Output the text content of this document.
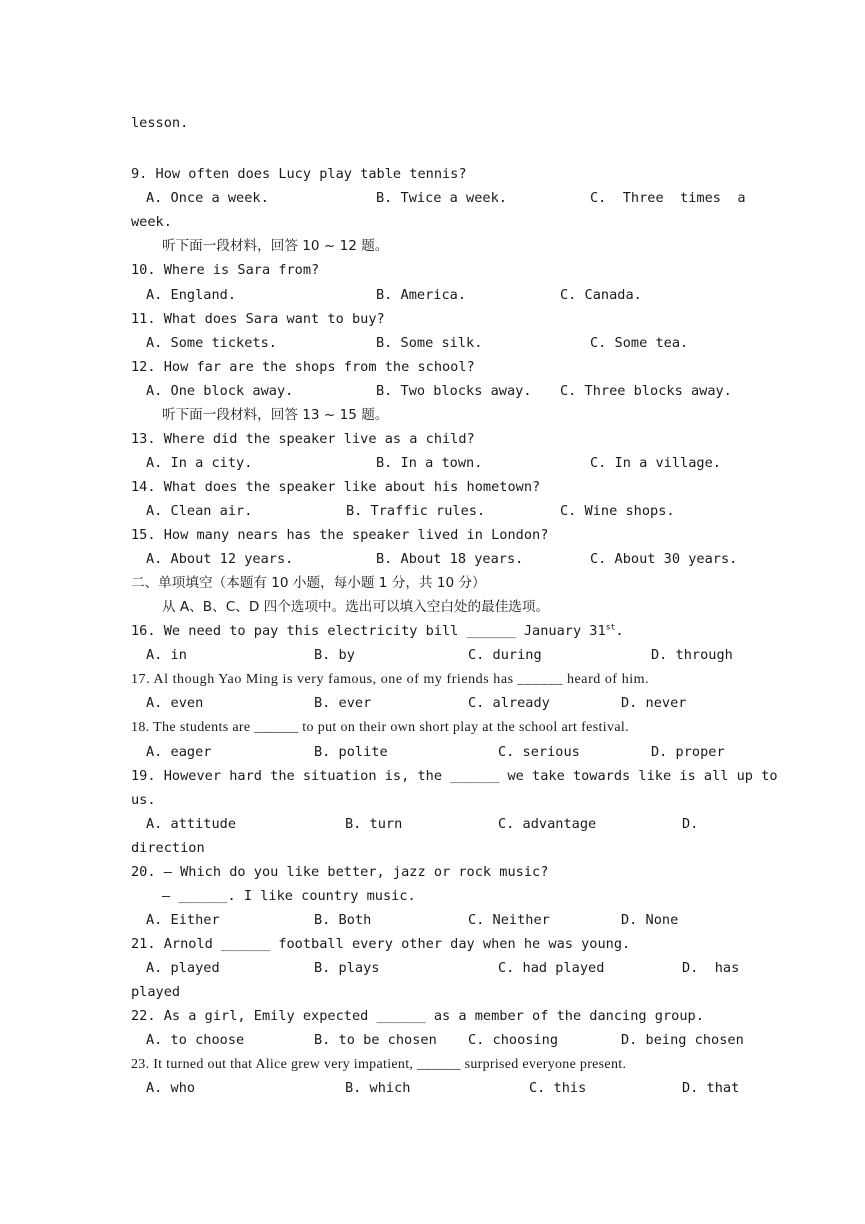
lesson.
9. How often does Lucy play table tennis?
A. Once a week.	B. Twice a week.	C.  Three  times  a
week.
听下面一段材料，回答 10 ~ 12 题。
10. Where is Sara from?
A. England.	B. America.	C. Canada.
11. What does Sara want to buy?
A. Some tickets.	B. Some silk.	C. Some tea.
12. How far are the shops from the school?
A. One block away.	B. Two blocks away. C. Three blocks away.
听下面一段材料，回答 13 ~ 15 题。
13. Where did the speaker live as a child?
A. In a city.	B. In a town.	C. In a village.
14. What does the speaker like about his hometown?
A. Clean air.	B. Traffic rules.	C. Wine shops.
15. How many nears has the speaker lived in London?
A. About 12 years.	B. About 18 years.	C. About 30 years.
二、单项填空（本题有 10 小题，每小题 1 分，共 10 分）
从 A、B、C、D 四个选项中。选出可以填入空白处的最佳选项。
16. We need to pay this electricity bill ______ January 31st.
A. in	B. by	C. during	D. through
17. Al though Yao Ming is very famous, one of my friends has ______ heard of him.
A. even	B. ever	C. already	D. never
18. The students are ______ to put on their own short play at the school art festival.
A. eager	B. polite	C. serious	D. proper
19. However hard the situation is, the ______ we take towards like is all up to
us.
A. attitude	B. turn	C. advantage	D.
direction
20. — Which do you like better, jazz or rock music?
— ______. I like country music.
A. Either	B. Both	C. Neither	D. None
21. Arnold ______ football every other day when he was young.
A. played	B. plays	C. had played	D.  has
played
22. As a girl, Emily expected ______ as a member of the dancing group.
A. to choose	B. to be chosen C. choosing	D. being chosen
23. It turned out that Alice grew very impatient, ______ surprised everyone present.
A. who	B. which	C. this	D. that
